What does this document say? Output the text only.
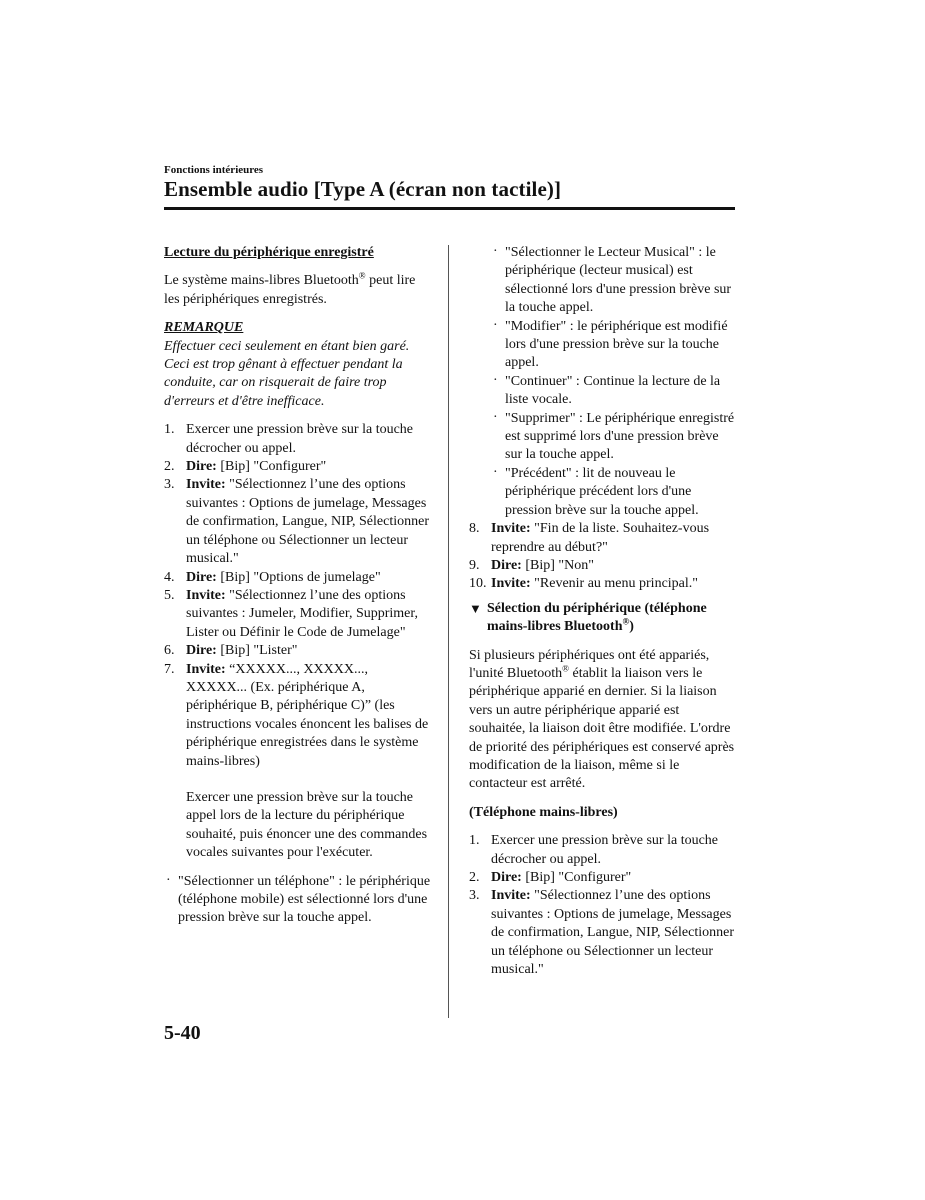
Fonctions intérieures
Ensemble audio [Type A (écran non tactile)]

Lecture du périphérique enregistré

Le système mains-libres Bluetooth® peut lire les périphériques enregistrés.

REMARQUE

Effectuer ceci seulement en étant bien garé. Ceci est trop gênant à effectuer pendant la conduite, car on risquerait de faire trop d'erreurs et d'être inefficace.

1. Exercer une pression brève sur la touche décrocher ou appel.
2. Dire: [Bip] "Configurer"
3. Invite: "Sélectionnez l’une des options suivantes : Options de jumelage, Messages de confirmation, Langue, NIP, Sélectionner un téléphone ou Sélectionner un lecteur musical."
4. Dire: [Bip] "Options de jumelage"
5. Invite: "Sélectionnez l’une des options suivantes : Jumeler, Modifier, Supprimer, Lister ou Définir le Code de Jumelage"
6. Dire: [Bip] "Lister"
7. Invite: “XXXXX..., XXXXX..., XXXXX... (Ex. périphérique A, périphérique B, périphérique C)” (les instructions vocales énoncent les balises de périphérique enregistrées dans le système mains-libres)

Exercer une pression brève sur la touche appel lors de la lecture du périphérique souhaité, puis énoncer une des commandes vocales suivantes pour l'exécuter.

· "Sélectionner un téléphone" : le périphérique (téléphone mobile) est sélectionné lors d'une pression brève sur la touche appel.
· "Sélectionner le Lecteur Musical" : le périphérique (lecteur musical) est sélectionné lors d'une pression brève sur la touche appel.
· "Modifier" : le périphérique est modifié lors d'une pression brève sur la touche appel.
· "Continuer" : Continue la lecture de la liste vocale.
· "Supprimer" : Le périphérique enregistré est supprimé lors d'une pression brève sur la touche appel.
· "Précédent" : lit de nouveau le périphérique précédent lors d'une pression brève sur la touche appel.
8. Invite: "Fin de la liste. Souhaitez-vous reprendre au début?"
9. Dire: [Bip] "Non"
10. Invite: "Revenir au menu principal."

▼ Sélection du périphérique (téléphone mains-libres Bluetooth®)

Si plusieurs périphériques ont été appariés, l'unité Bluetooth® établit la liaison vers le périphérique apparié en dernier. Si la liaison vers un autre périphérique apparié est souhaitée, la liaison doit être modifiée. L'ordre de priorité des périphériques est conservé après modification de la liaison, même si le contacteur est arrêté.

(Téléphone mains-libres)

1. Exercer une pression brève sur la touche décrocher ou appel.
2. Dire: [Bip] "Configurer"
3. Invite: "Sélectionnez l’une des options suivantes : Options de jumelage, Messages de confirmation, Langue, NIP, Sélectionner un téléphone ou Sélectionner un lecteur musical."
5-40
